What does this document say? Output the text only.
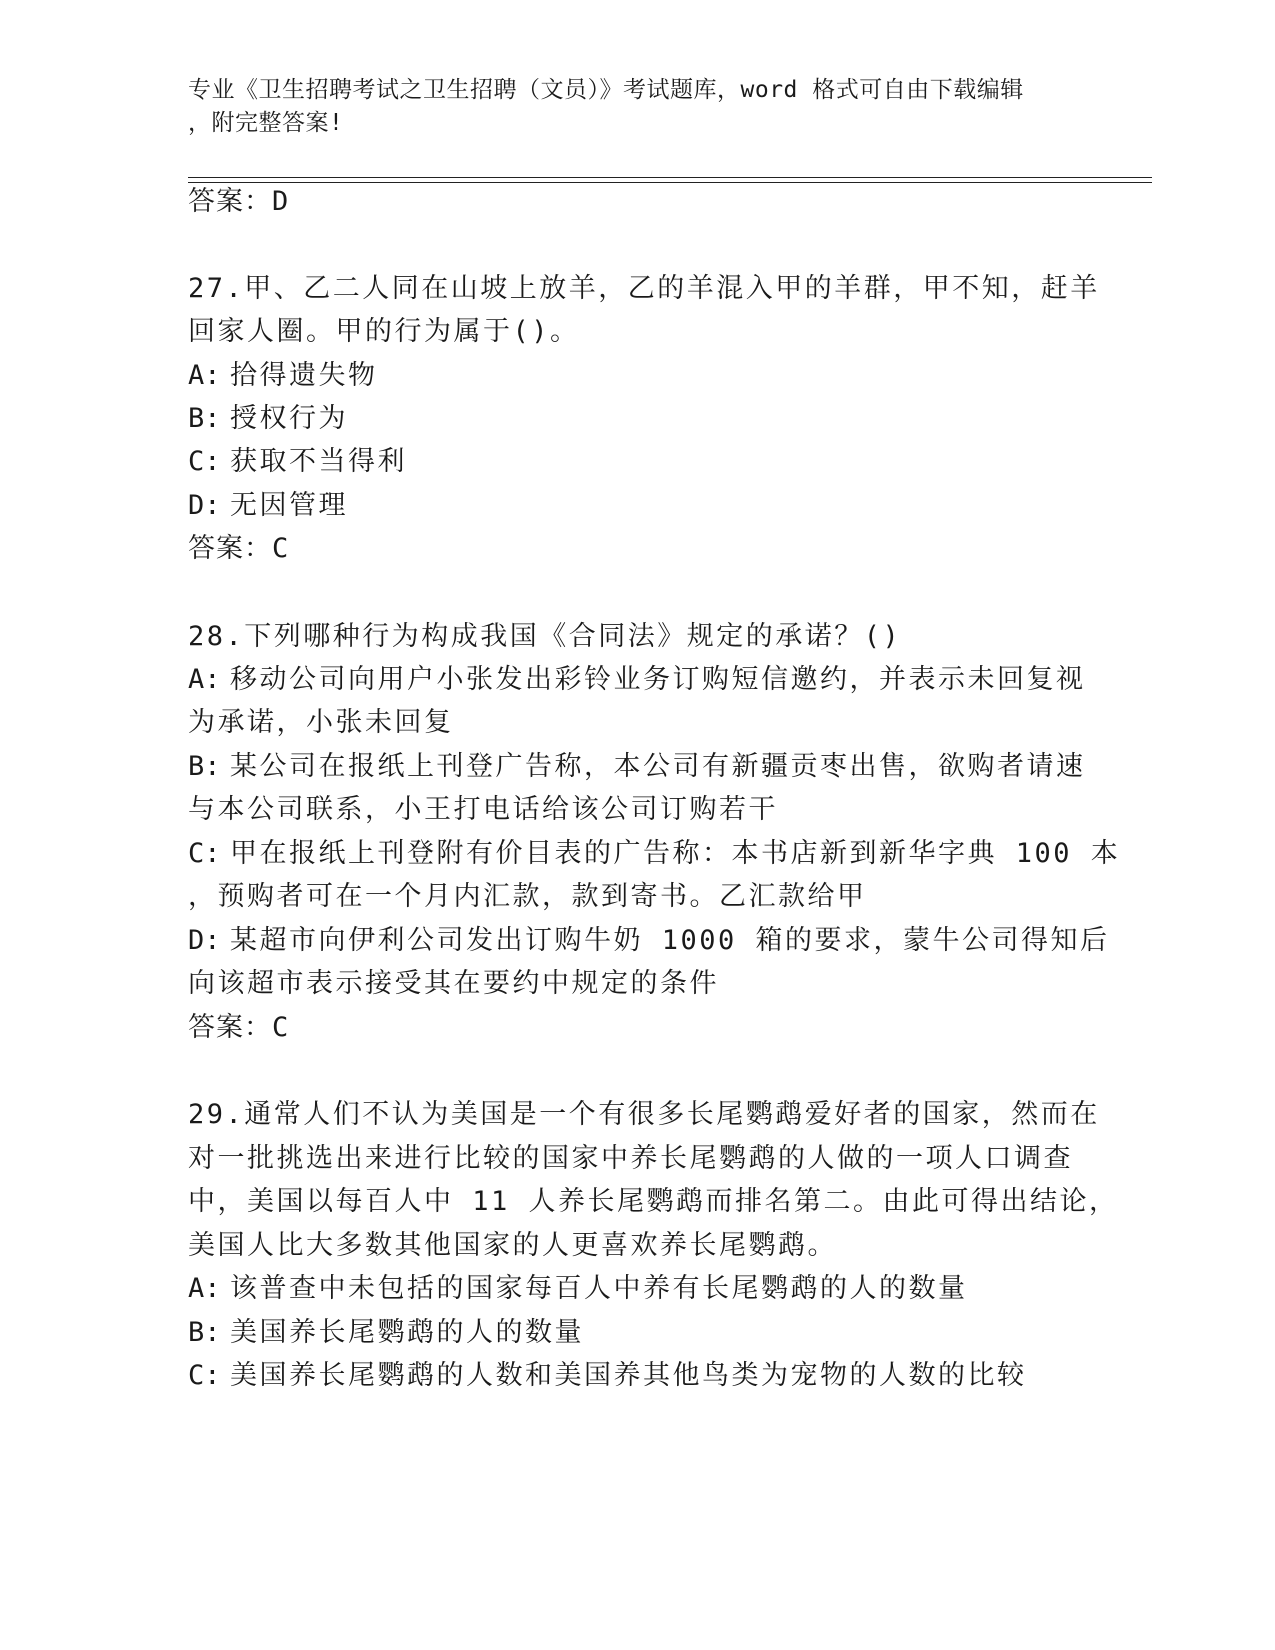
专业《卫生招聘考试之卫生招聘（文员）》考试题库，word 格式可自由下载编辑
，附完整答案!
答案：D
27.甲、乙二人同在山坡上放羊，乙的羊混入甲的羊群，甲不知，赶羊
回家人圈。甲的行为属于()。
A: 拾得遗失物
B: 授权行为
C: 获取不当得利
D: 无因管理
答案：C
28.下列哪种行为构成我国《合同法》规定的承诺？()
A: 移动公司向用户小张发出彩铃业务订购短信邀约，并表示未回复视
为承诺，小张未回复
B: 某公司在报纸上刊登广告称，本公司有新疆贡枣出售，欲购者请速
与本公司联系，小王打电话给该公司订购若干
C: 甲在报纸上刊登附有价目表的广告称：本书店新到新华字典 100 本
，预购者可在一个月内汇款，款到寄书。乙汇款给甲
D: 某超市向伊利公司发出订购牛奶 1000 箱的要求，蒙牛公司得知后
向该超市表示接受其在要约中规定的条件
答案：C
29.通常人们不认为美国是一个有很多长尾鹦鹉爱好者的国家，然而在
对一批挑选出来进行比较的国家中养长尾鹦鹉的人做的一项人口调查
中，美国以每百人中 11 人养长尾鹦鹉而排名第二。由此可得出结论，
美国人比大多数其他国家的人更喜欢养长尾鹦鹉。
A: 该普查中未包括的国家每百人中养有长尾鹦鹉的人的数量
B: 美国养长尾鹦鹉的人的数量
C: 美国养长尾鹦鹉的人数和美国养其他鸟类为宠物的人数的比较
